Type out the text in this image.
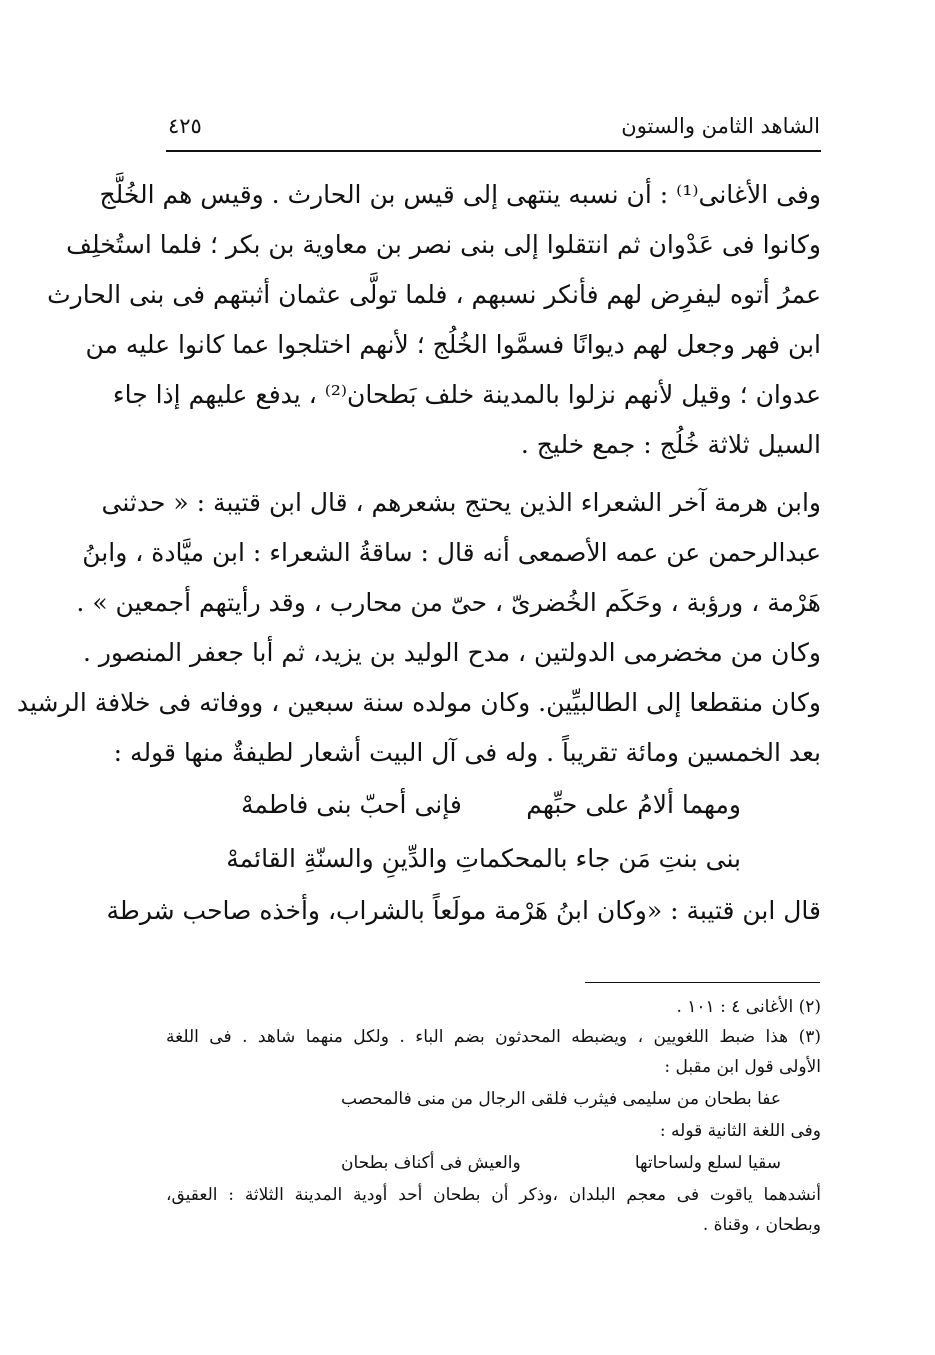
الشاهد الثامن والستون
٤٢٥
وفى الأغانى⁽¹⁾ : أن نسبه ينتهى إلى قيس بن الحارث . وقيس هم الخُلَّج
وكانوا فى عَدْوان ثم انتقلوا إلى بنى نصر بن معاوية بن بكر ؛ فلما استُخلِف
عمرُ أتوه ليفرِض لهم فأنكر نسبهم ، فلما تولَّى عثمان أثبتهم فى بنى الحارث
ابن فهر وجعل لهم ديوانًا فسمَّوا الخُلُج ؛ لأنهم اختلجوا عما كانوا عليه من
عدوان ؛ وقيل لأنهم نزلوا بالمدينة خلف بَطحان⁽²⁾ ، يدفع عليهم إذا جاء
السيل ثلاثة خُلُج : جمع خليج .
وابن هرمة آخر الشعراء الذين يحتج بشعرهم ، قال ابن قتيبة : « حدثنى
عبدالرحمن عن عمه الأصمعى أنه قال : ساقةُ الشعراء : ابن ميَّادة ، وابنُ
هَرْمة ، ورؤبة ، وحَكَم الخُضرىّ ، حىّ من محارب ، وقد رأيتهم أجمعين » .
وكان من مخضرمى الدولتين ، مدح الوليد بن يزيد، ثم أبا جعفر المنصور .
وكان منقطعا إلى الطالبيِّين. وكان مولده سنة سبعين ، ووفاته فى خلافة الرشيد
بعد الخمسين ومائة تقريباً . وله فى آل البيت أشعار لطيفةٌ منها قوله :
ومهما ألامُ على حبِّهم
فإنى أحبّ بنى فاطمهْ
بنى بنتِ مَن جاء بالمحكما
تِ والدِّينِ والسنّةِ القائمهْ
قال ابن قتيبة : «وكان ابنُ هَرْمة مولَعاً بالشراب، وأخذه صاحب شرطة
(٢) الأغانى ٤ : ١٠١ .
(٣) هذا ضبط اللغويين ، ويضبطه المحدثون بضم الباء . ولكل منهما شاهد . فى اللغة
الأولى قول ابن مقبل :
عفا بطحان من سليمى فيثرب
فلقى الرجال من منى فالمحصب
وفى اللغة الثانية قوله :
سقيا لسلع ولساحاتها
والعيش فى أكناف بطحان
أنشدهما ياقوت فى معجم البلدان ،وذكر أن بطحان أحد أودية المدينة الثلاثة : العقيق،
وبطحان ، وقناة .
